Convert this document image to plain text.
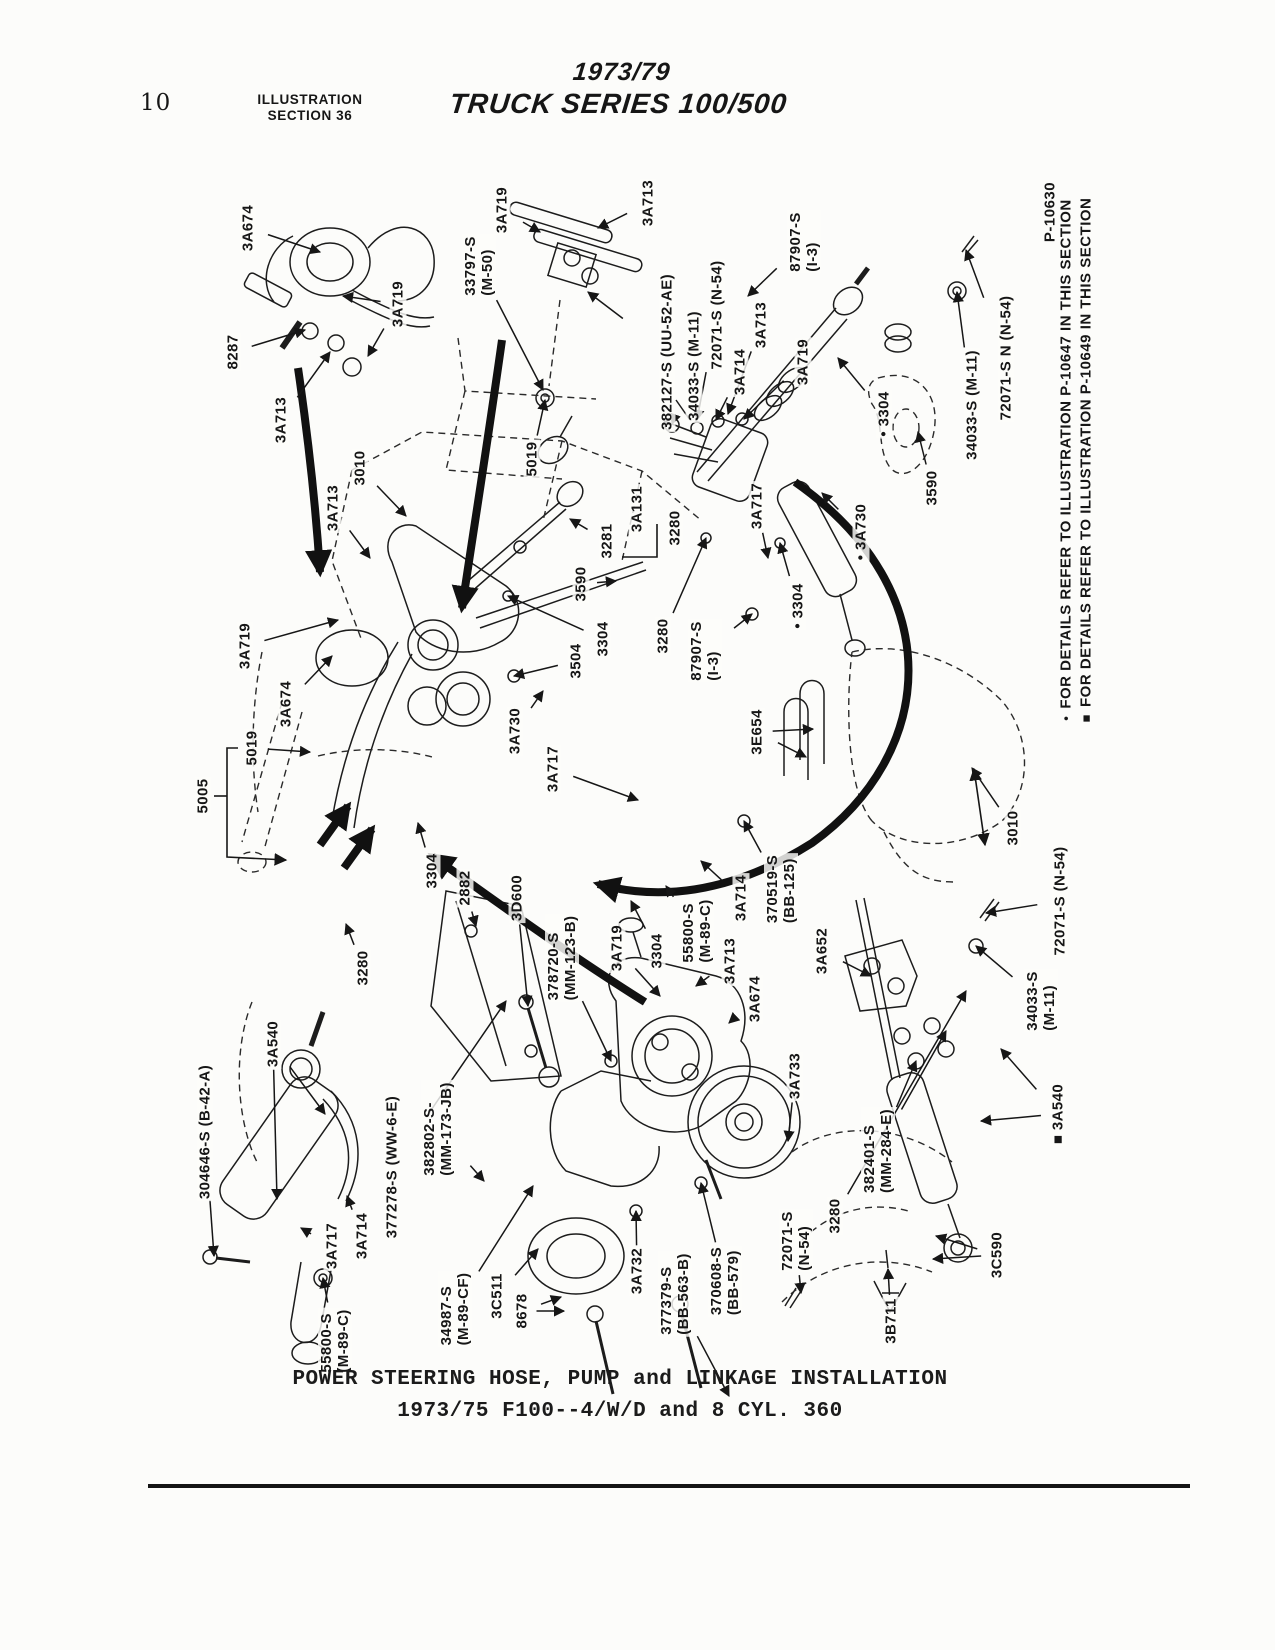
10	ILLUSTRATION
SECTION 36
1973/79
TRUCK SERIES 100/500
3A674
8287
3A719
3A713
33797-S (M-50)
3A719	3A713
382127-S (UU-52-AE) 34033-S (M-11) 72071-S (N-54)
3A714
3A713
3A719
87907-S (I-3)
• 3304
3590
34033-S (M-11) 72071-S N (N-54)
5019
3010
3A713
3A719
3A674
5019
5005
3281
3590
3A131 3280
3304
3504
3280 87907-S (I-3)
3A717
• 3304
• 3A730
3A730
3A717
3E654
3010
72071-S (N-54)
34033-S (M-11)
370519-S (BB-125)
3A714
3A713
55800-S (M-89-C)
3304
3A719
3A674
3A652
3A733
382401-S (MM-284-E)
3280
72071-S (N-54)
3B711
3C590
■ 3A540
304646-S (B-42-A)
3A540
3A717 3A714 377278-S (WW-6-E) 382802-S- (MM-173-JB)
55800-S (M-89-C)	34987-S (M-89-CF) 3C511 8678
3A732 377379-S (BB-563-B) 370608-S (BB-579)
2882 3D600
378720-S (MM-123-B)
3280
3304
P-10630
•FOR DETAILS REFER TO ILLUSTRATION P-10647 IN THIS SECTION
■FOR DETAILS REFER TO ILLUSTRATION P-10649 IN THIS SECTION
POWER STEERING HOSE, PUMP and LINKAGE INSTALLATION
1973/75 F100--4/W/D and 8 CYL. 360
